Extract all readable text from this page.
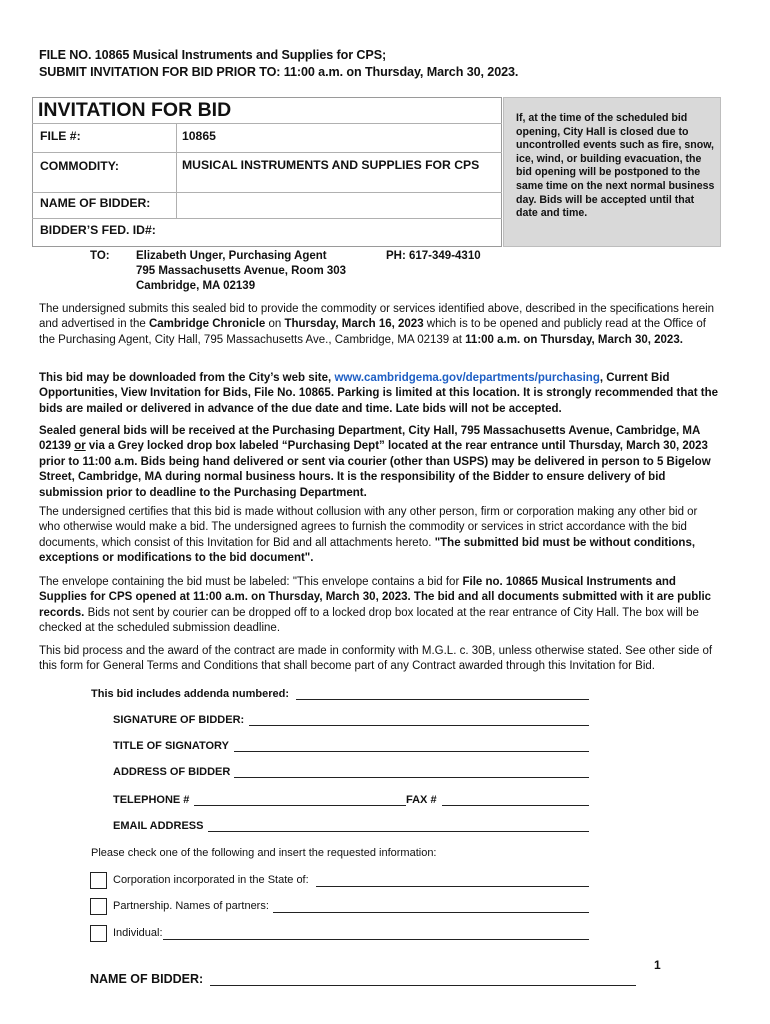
FILE NO. 10865 Musical Instruments and Supplies for CPS;
SUBMIT INVITATION FOR BID PRIOR TO: 11:00 a.m. on Thursday, March 30, 2023.
INVITATION FOR BID
FILE #:	10865
COMMODITY:	MUSICAL INSTRUMENTS AND SUPPLIES FOR CPS
NAME OF BIDDER:
BIDDER’S FED. ID#:
If, at the time of the scheduled bid opening, City Hall is closed due to uncontrolled events such as fire, snow, ice, wind, or building evacuation, the bid opening will be postponed to the same time on the next normal business day. Bids will be accepted until that date and time.
TO: Elizabeth Unger, Purchasing Agent
795 Massachusetts Avenue, Room 303
Cambridge, MA 02139
PH: 617-349-4310
The undersigned submits this sealed bid to provide the commodity or services identified above, described in the specifications herein and advertised in the Cambridge Chronicle on Thursday, March 16, 2023 which is to be opened and publicly read at the Office of the Purchasing Agent, City Hall, 795 Massachusetts Ave., Cambridge, MA 02139 at 11:00 a.m. on Thursday, March 30, 2023.
This bid may be downloaded from the City’s web site, www.cambridgema.gov/departments/purchasing, Current Bid Opportunities, View Invitation for Bids, File No. 10865. Parking is limited at this location. It is strongly recommended that the bids are mailed or delivered in advance of the due date and time. Late bids will not be accepted.
Sealed general bids will be received at the Purchasing Department, City Hall, 795 Massachusetts Avenue, Cambridge, MA 02139 or via a Grey locked drop box labeled “Purchasing Dept” located at the rear entrance until Thursday, March 30, 2023 prior to 11:00 a.m. Bids being hand delivered or sent via courier (other than USPS) may be delivered in person to 5 Bigelow Street, Cambridge, MA during normal business hours. It is the responsibility of the Bidder to ensure delivery of bid submission prior to deadline to the Purchasing Department.
The undersigned certifies that this bid is made without collusion with any other person, firm or corporation making any other bid or who otherwise would make a bid. The undersigned agrees to furnish the commodity or services in strict accordance with the bid documents, which consist of this Invitation for Bid and all attachments hereto. "The submitted bid must be without conditions, exceptions or modifications to the bid document".
The envelope containing the bid must be labeled: "This envelope contains a bid for File no. 10865 Musical Instruments and Supplies for CPS opened at 11:00 a.m. on Thursday, March 30, 2023. The bid and all documents submitted with it are public records. Bids not sent by courier can be dropped off to a locked drop box located at the rear entrance of City Hall. The box will be checked at the scheduled submission deadline.
This bid process and the award of the contract are made in conformity with M.G.L. c. 30B, unless otherwise stated. See other side of this form for General Terms and Conditions that shall become part of any Contract awarded through this Invitation for Bid.
This bid includes addenda numbered:
SIGNATURE OF BIDDER:
TITLE OF SIGNATORY
ADDRESS OF BIDDER
TELEPHONE #	FAX #
EMAIL ADDRESS
Please check one of the following and insert the requested information:
Corporation incorporated in the State of:
Partnership. Names of partners:
Individual:
1
NAME OF BIDDER:
